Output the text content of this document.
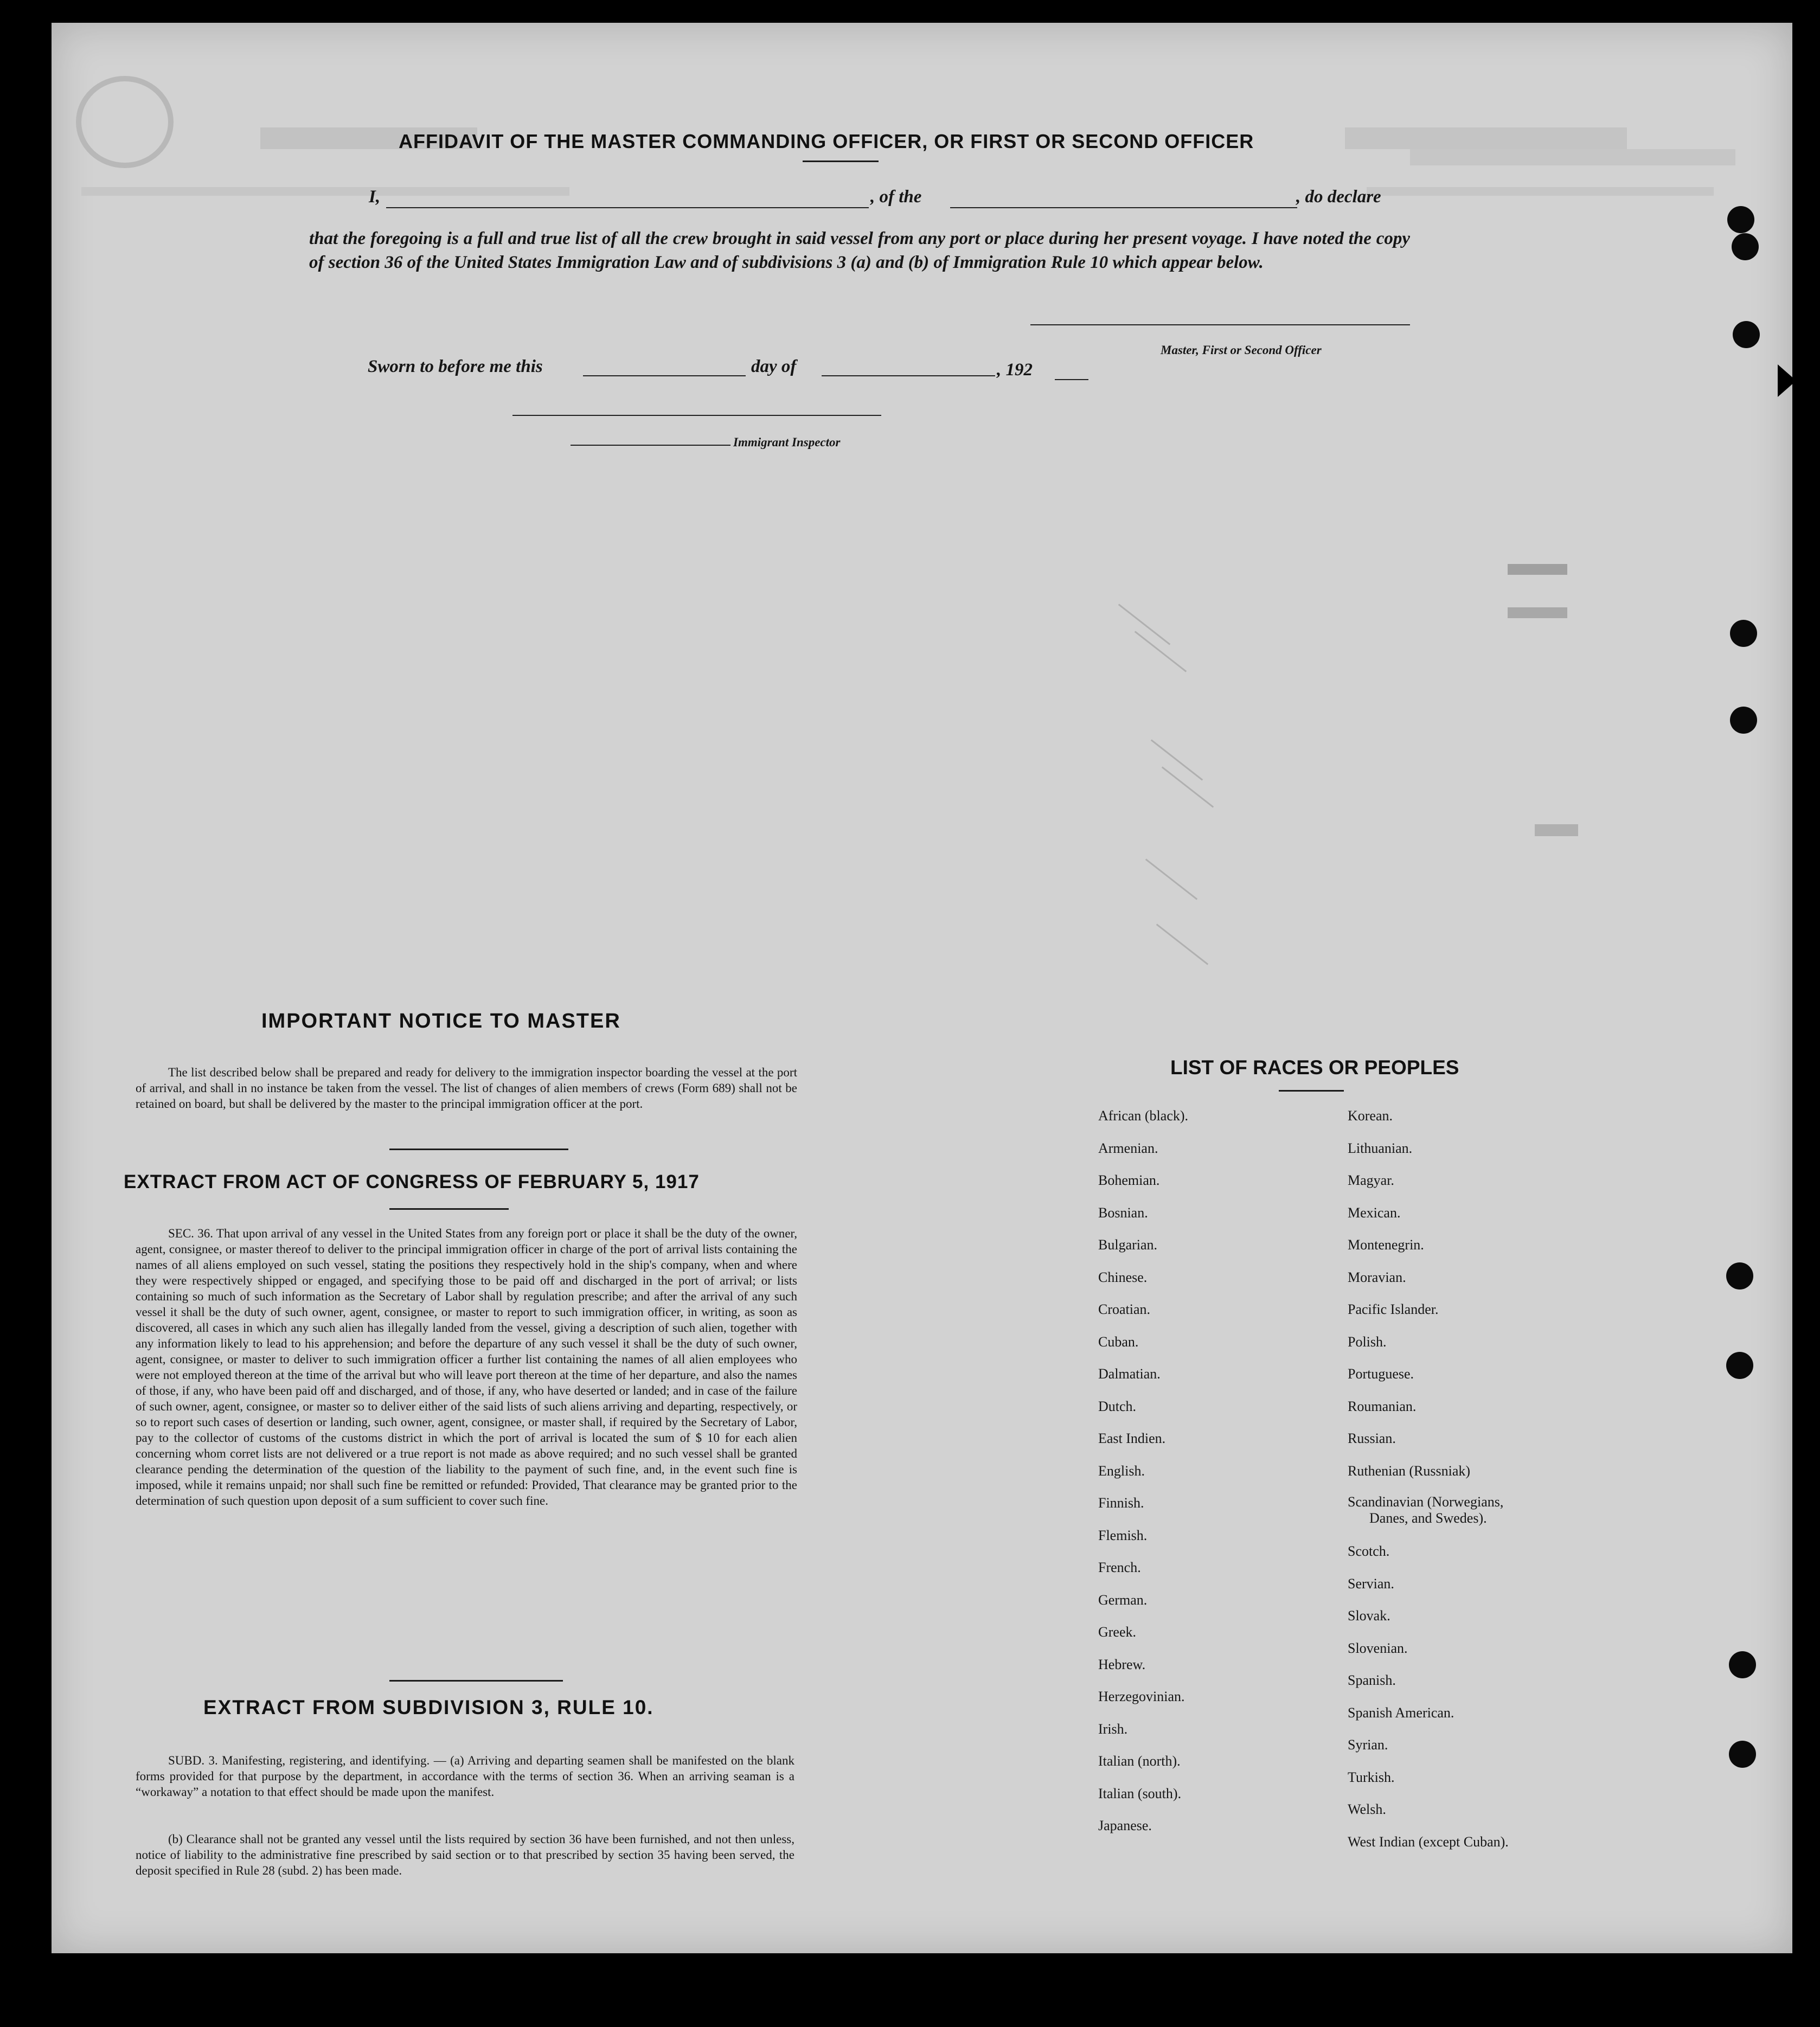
AFFIDAVIT OF THE MASTER COMMANDING OFFICER, OR FIRST OR SECOND OFFICER
I,	, of the	, do declare
that the foregoing is a full and true list of all the crew brought in said vessel from any port or place during her present voyage. I have noted the copy of section 36 of the United States Immigration Law and of subdivisions 3 (a) and (b) of Immigration Rule 10 which appear below.
Master, First or Second Officer
Sworn to before me this	day of	, 192
Immigrant Inspector
IMPORTANT NOTICE TO MASTER
The list described below shall be prepared and ready for delivery to the immigration inspector boarding the vessel at the port of arrival, and shall in no instance be taken from the vessel. The list of changes of alien members of crews (Form 689) shall not be retained on board, but shall be delivered by the master to the principal immigration officer at the port.
EXTRACT FROM ACT OF CONGRESS OF FEBRUARY 5, 1917
SEC. 36. That upon arrival of any vessel in the United States from any foreign port or place it shall be the duty of the owner, agent, consignee, or master thereof to deliver to the principal immigration officer in charge of the port of arrival lists containing the names of all aliens employed on such vessel, stating the positions they respectively hold in the ship's company, when and where they were respectively shipped or engaged, and specifying those to be paid off and discharged in the port of arrival; or lists containing so much of such information as the Secretary of Labor shall by regulation prescribe; and after the arrival of any such vessel it shall be the duty of such owner, agent, consignee, or master to report to such immigration officer, in writing, as soon as discovered, all cases in which any such alien has illegally landed from the vessel, giving a description of such alien, together with any information likely to lead to his apprehension; and before the departure of any such vessel it shall be the duty of such owner, agent, consignee, or master to deliver to such immigration officer a further list containing the names of all alien employees who were not employed thereon at the time of the arrival but who will leave port thereon at the time of her departure, and also the names of those, if any, who have been paid off and discharged, and of those, if any, who have deserted or landed; and in case of the failure of such owner, agent, consignee, or master so to deliver either of the said lists of such aliens arriving and departing, respectively, or so to report such cases of desertion or landing, such owner, agent, consignee, or master shall, if required by the Secretary of Labor, pay to the collector of customs of the customs district in which the port of arrival is located the sum of $ 10 for each alien concerning whom corret lists are not delivered or a true report is not made as above required; and no such vessel shall be granted clearance pending the determination of the question of the liability to the payment of such fine, and, in the event such fine is imposed, while it remains unpaid; nor shall such fine be remitted or refunded: Provided, That clearance may be granted prior to the determination of such question upon deposit of a sum sufficient to cover such fine.
EXTRACT FROM SUBDIVISION 3, RULE 10.
SUBD. 3. Manifesting, registering, and identifying. — (a) Arriving and departing seamen shall be manifested on the blank forms provided for that purpose by the department, in accordance with the terms of section 36. When an arriving seaman is a “workaway” a notation to that effect should be made upon the manifest.
(b) Clearance shall not be granted any vessel until the lists required by section 36 have been furnished, and not then unless, notice of liability to the administrative fine prescribed by said section or to that prescribed by section 35 having been served, the deposit specified in Rule 28 (subd. 2) has been made.
LIST OF RACES OR PEOPLES
African (black).
Armenian.
Bohemian.
Bosnian.
Bulgarian.
Chinese.
Croatian.
Cuban.
Dalmatian.
Dutch.
East Indien.
English.
Finnish.
Flemish.
French.
German.
Greek.
Hebrew.
Herzegovinian.
Irish.
Italian (north).
Italian (south).
Japanese.
Korean.
Lithuanian.
Magyar.
Mexican.
Montenegrin.
Moravian.
Pacific Islander.
Polish.
Portuguese.
Roumanian.
Russian.
Ruthenian (Russniak)
Scandinavian (Norwegians,
Danes, and Swedes).
Scotch.
Servian.
Slovak.
Slovenian.
Spanish.
Spanish American.
Syrian.
Turkish.
Welsh.
West Indian (except Cuban).
